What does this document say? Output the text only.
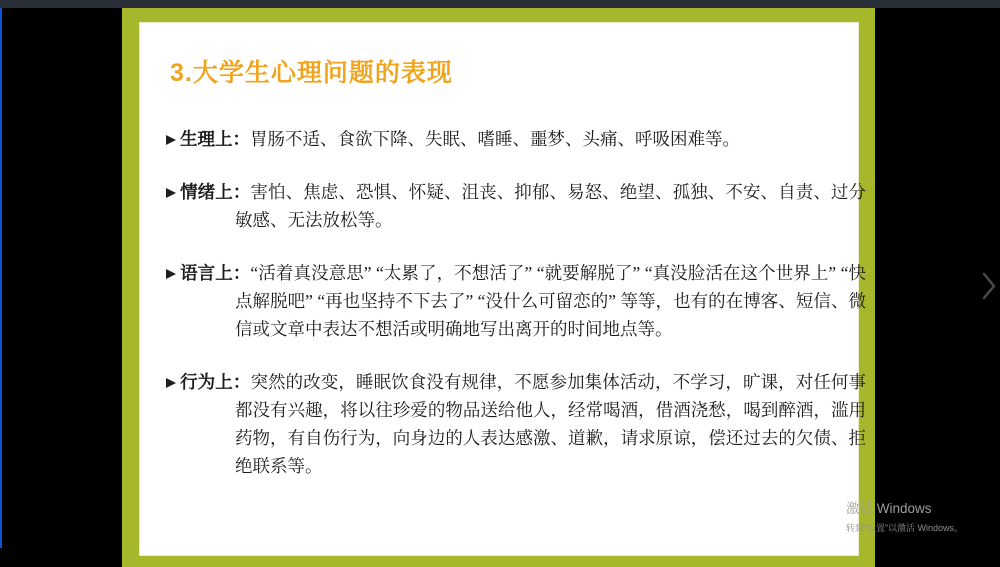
3.大学生心理问题的表现

生理上：胃肠不适、食欲下降、失眠、嗜睡、噩梦、头痛、呼吸困难等。

情绪上：害怕、焦虑、恐惧、怀疑、沮丧、抑郁、易怒、绝望、孤独、不安、自责、过分敏感、无法放松等。

语言上：“活着真没意思” “太累了，不想活了” “就要解脱了” “真没脸活在这个世界上” “快点解脱吧” “再也坚持不下去了” “没什么可留恋的” 等等，也有的在博客、短信、微信或文章中表达不想活或明确地写出离开的时间地点等。

行为上：突然的改变，睡眠饮食没有规律，不愿参加集体活动，不学习，旷课，对任何事都没有兴趣，将以往珍爱的物品送给他人，经常喝酒，借酒浇愁，喝到醉酒，滥用药物，有自伤行为，向身边的人表达感激、道歉，请求原谅，偿还过去的欠债、拒绝联系等。

激活 Windows
转到“设置”以激活 Windows。
